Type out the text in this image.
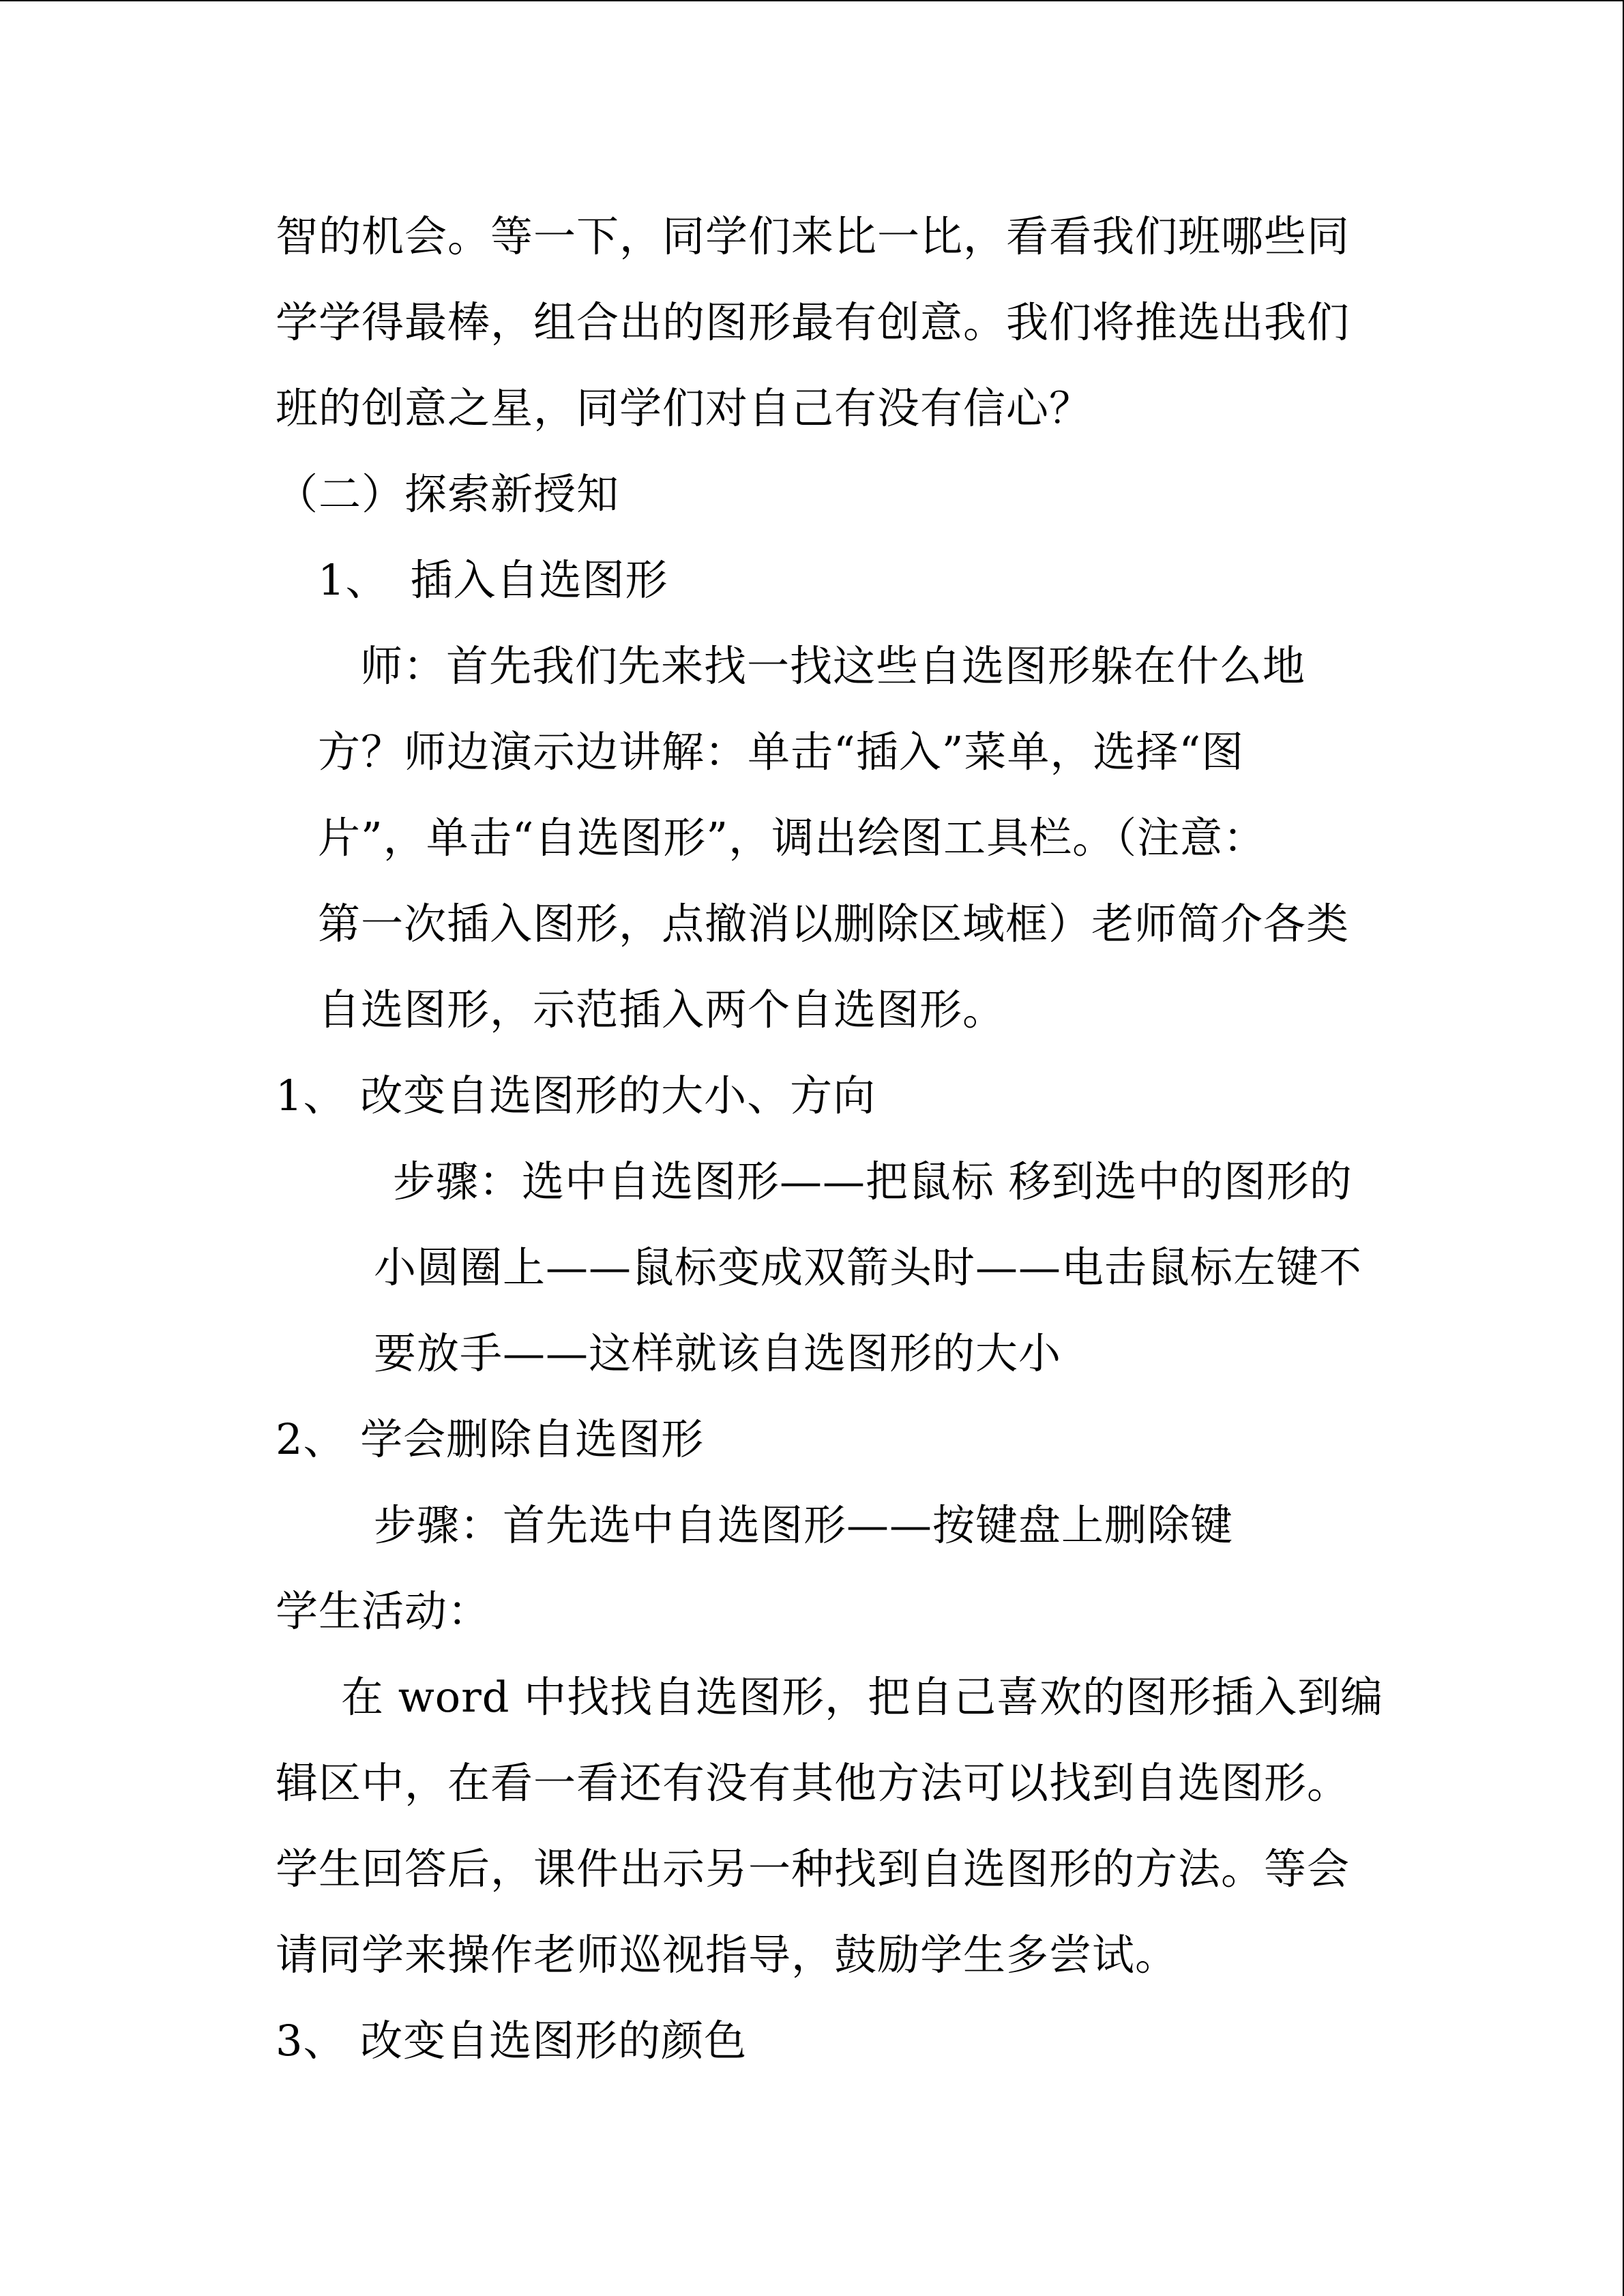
智的机会。等一下，同学们来比一比，看看我们班哪些同
学学得最棒，组合出的图形最有创意。我们将推选出我们
班的创意之星，同学们对自己有没有信心？
（二）探索新授知
1、　插入自选图形
师：首先我们先来找一找这些自选图形躲在什么地
方？师边演示边讲解：单击“插入”菜单，选择“图
片”，单击“自选图形”，调出绘图工具栏。（注意：
第一次插入图形，点撤消以删除区域框）老师简介各类
自选图形，示范插入两个自选图形。
1、 改变自选图形的大小、方向
步骤：选中自选图形——把鼠标 移到选中的图形的
小圆圈上——鼠标变成双箭头时——电击鼠标左键不
要放手——这样就该自选图形的大小
2、 学会删除自选图形
步骤：首先选中自选图形——按键盘上删除键
学生活动：
在 word 中找找自选图形，把自己喜欢的图形插入到编
辑区中，在看一看还有没有其他方法可以找到自选图形。
学生回答后，课件出示另一种找到自选图形的方法。等会
请同学来操作老师巡视指导，鼓励学生多尝试。
3、 改变自选图形的颜色
